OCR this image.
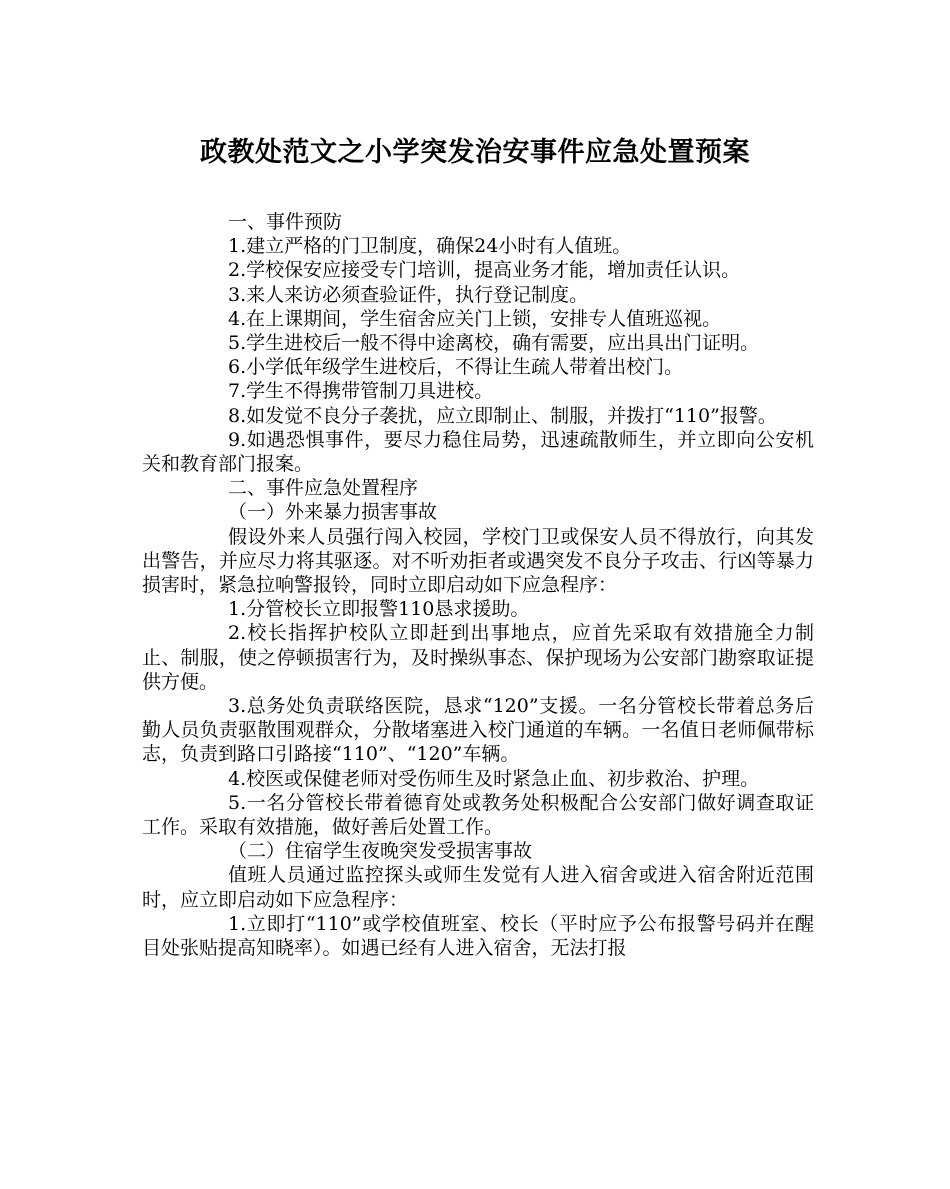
政教处范文之小学突发治安事件应急处置预案

一、事件预防

1.建立严格的门卫制度，确保24小时有人值班。

2.学校保安应接受专门培训，提高业务才能，增加责任认识。

3.来人来访必须查验证件，执行登记制度。

4.在上课期间，学生宿舍应关门上锁，安排专人值班巡视。

5.学生进校后一般不得中途离校，确有需要，应出具出门证明。

6.小学低年级学生进校后，不得让生疏人带着出校门。

7.学生不得携带管制刀具进校。

8.如发觉不良分子袭扰，应立即制止、制服，并拨打“110”报警。

9.如遇恐惧事件，要尽力稳住局势，迅速疏散师生，并立即向公安机关和教育部门报案。

二、事件应急处置程序

（一）外来暴力损害事故

假设外来人员强行闯入校园，学校门卫或保安人员不得放行，向其发出警告，并应尽力将其驱逐。对不听劝拒者或遇突发不良分子攻击、行凶等暴力损害时，紧急拉响警报铃，同时立即启动如下应急程序：

1.分管校长立即报警110恳求援助。

2.校长指挥护校队立即赶到出事地点，应首先采取有效措施全力制止、制服，使之停顿损害行为，及时操纵事态、保护现场为公安部门勘察取证提供方便。

3.总务处负责联络医院，恳求“120”支援。一名分管校长带着总务后勤人员负责驱散围观群众，分散堵塞进入校门通道的车辆。一名值日老师佩带标志，负责到路口引路接“110”、“120”车辆。

4.校医或保健老师对受伤师生及时紧急止血、初步救治、护理。

5.一名分管校长带着德育处或教务处积极配合公安部门做好调查取证工作。采取有效措施，做好善后处置工作。

（二）住宿学生夜晚突发受损害事故

值班人员通过监控探头或师生发觉有人进入宿舍或进入宿舍附近范围时，应立即启动如下应急程序：

1.立即打“110”或学校值班室、校长（平时应予公布报警号码并在醒目处张贴提高知晓率）。如遇已经有人进入宿舍，无法打报
